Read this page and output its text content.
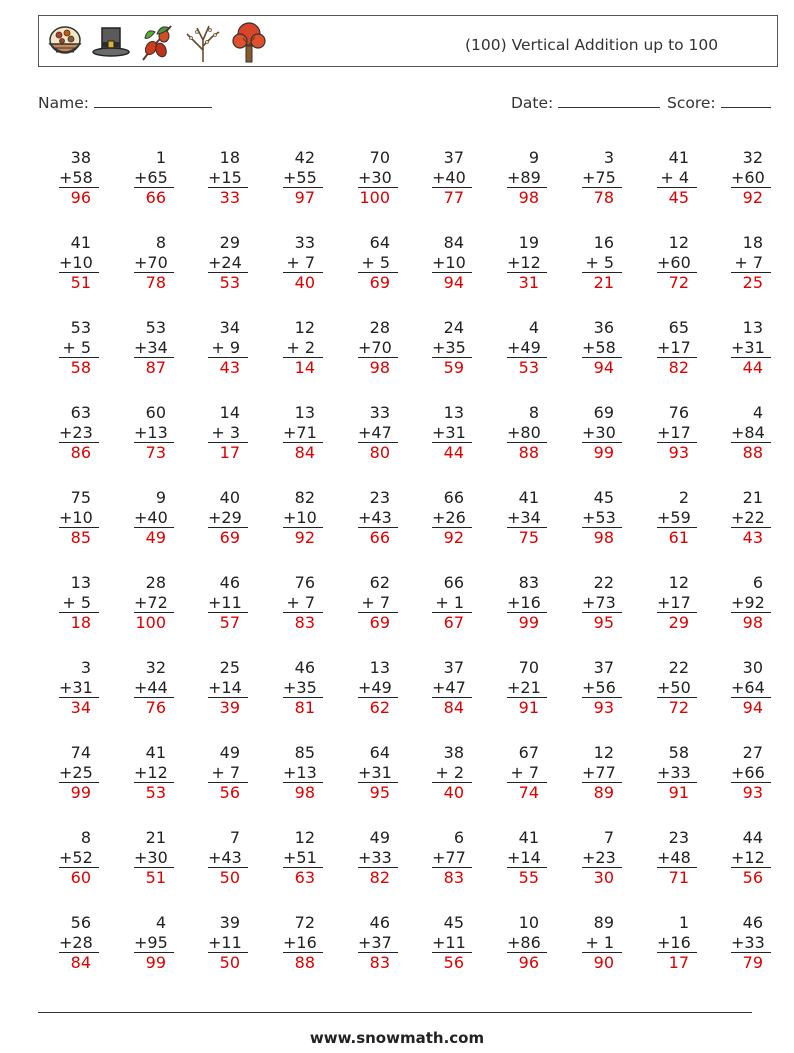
(100) Vertical Addition up to 100
Name:	Date:	Score:
38
+58
96
1
+65
66
18
+15
33
42
+55
97
70
+30
100
37
+40
77
9
+89
98
3
+75
78
41
+ 4
45
32
+60
92
41
+10
51
8
+70
78
29
+24
53
33
+ 7
40
64
+ 5
69
84
+10
94
19
+12
31
16
+ 5
21
12
+60
72
18
+ 7
25
53
+ 5
58
53
+34
87
34
+ 9
43
12
+ 2
14
28
+70
98
24
+35
59
4
+49
53
36
+58
94
65
+17
82
13
+31
44
63
+23
86
60
+13
73
14
+ 3
17
13
+71
84
33
+47
80
13
+31
44
8
+80
88
69
+30
99
76
+17
93
4
+84
88
75
+10
85
9
+40
49
40
+29
69
82
+10
92
23
+43
66
66
+26
92
41
+34
75
45
+53
98
2
+59
61
21
+22
43
13
+ 5
18
28
+72
100
46
+11
57
76
+ 7
83
62
+ 7
69
66
+ 1
67
83
+16
99
22
+73
95
12
+17
29
6
+92
98
3
+31
34
32
+44
76
25
+14
39
46
+35
81
13
+49
62
37
+47
84
70
+21
91
37
+56
93
22
+50
72
30
+64
94
74
+25
99
41
+12
53
49
+ 7
56
85
+13
98
64
+31
95
38
+ 2
40
67
+ 7
74
12
+77
89
58
+33
91
27
+66
93
8
+52
60
21
+30
51
7
+43
50
12
+51
63
49
+33
82
6
+77
83
41
+14
55
7
+23
30
23
+48
71
44
+12
56
56
+28
84
4
+95
99
39
+11
50
72
+16
88
46
+37
83
45
+11
56
10
+86
96
89
+ 1
90
1
+16
17
46
+33
79
www.snowmath.com
